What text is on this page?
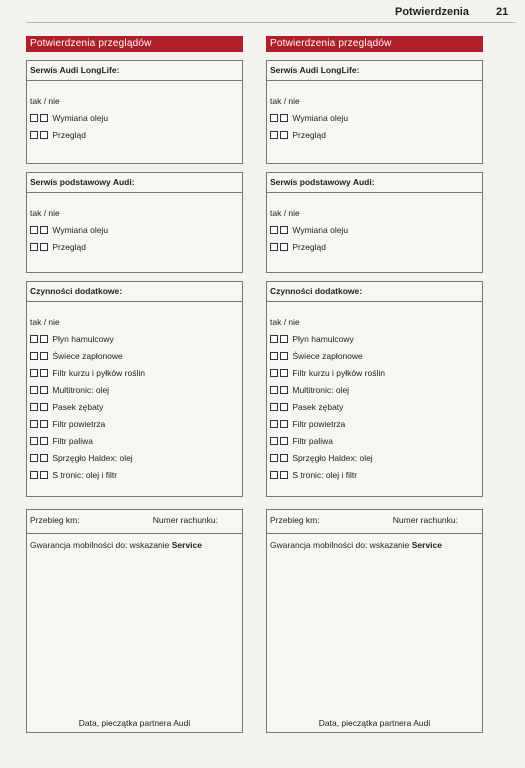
Potwierdzenia 21
Potwierdzenia przeglądów
Serwis Audi LongLife:
tak / nie
Wymiana oleju
Przegląd
Serwis podstawowy Audi:
tak / nie
Wymiana oleju
Przegląd
Czynności dodatkowe:
tak / nie
Płyn hamulcowy
Świece zapłonowe
Filtr kurzu i pyłków roślin
Multitronic: olej
Pasek zębaty
Filtr powietrza
Filtr paliwa
Sprzęgło Haldex: olej
S tronic: olej i filtr
Przebieg km:	Numer rachunku:
Gwarancja mobilności do: wskazanie Service
Data, pieczątka partnera Audi
Potwierdzenia przeglądów
Serwis Audi LongLife:
tak / nie
Wymiana oleju
Przegląd
Serwis podstawowy Audi:
tak / nie
Wymiana oleju
Przegląd
Czynności dodatkowe:
tak / nie
Płyn hamulcowy
Świece zapłonowe
Filtr kurzu i pyłków roślin
Multitronic: olej
Pasek zębaty
Filtr powietrza
Filtr paliwa
Sprzęgło Haldex: olej
S tronic: olej i filtr
Przebieg km:	Numer rachunku:
Gwarancja mobilności do: wskazanie Service
Data, pieczątka partnera Audi
